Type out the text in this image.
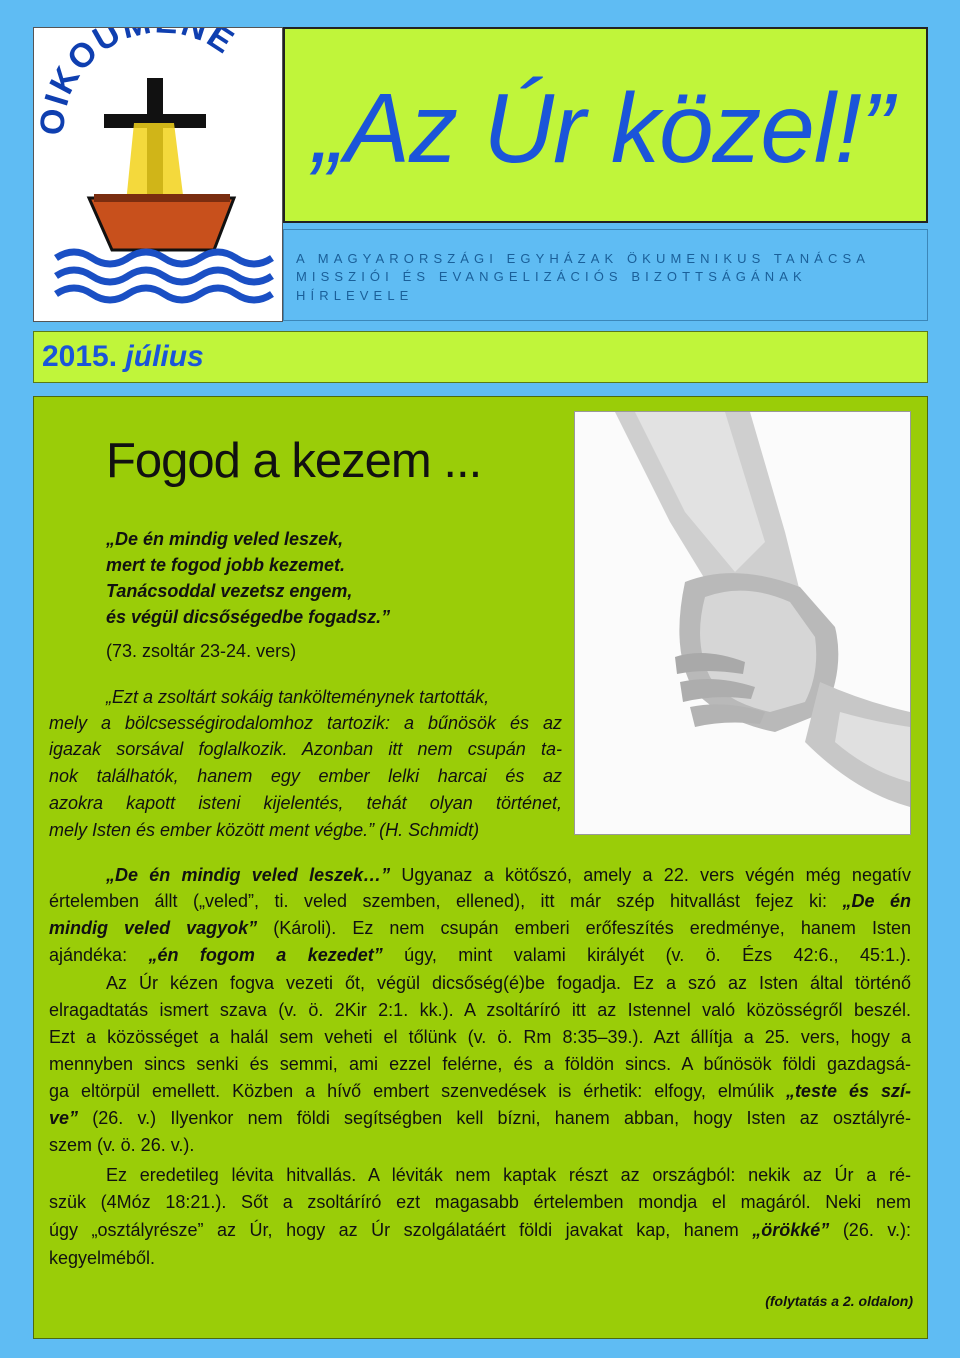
OIKOU E
„Az Úr közel!”
A MAGYARORSZÁGI EGYHÁZAK ÖKUMENIKUS TANÁCSA
MISSZIÓI ÉS EVANGELIZÁCIÓS BIZOTTSÁGÁNAK
HÍRLEVELE
2015. július
Fogod a kezem ...
„De én mindig veled leszek,
mert te fogod jobb kezemet.
Tanácsoddal vezetsz engem,
és végül dicsőségedbe fogadsz.”
(73. zsoltár 23-24. vers)
„Ezt a zsoltárt sokáig tankölteménynek tartották,
mely a bölcsességirodalomhoz tartozik: a bűnösök és az
igazak sorsával foglalkozik. Azonban itt nem csupán ta-
nok találhatók, hanem egy ember lelki harcai és az
azokra kapott isteni kijelentés, tehát olyan történet,
mely Isten és ember között ment végbe.” (H. Schmidt)
„De én mindig veled leszek…” Ugyanaz a kötőszó, amely a 22. vers végén még negatív
értelemben állt („veled”, ti. veled szemben, ellened), itt már szép hitvallást fejez ki: „De én
mindig veled vagyok” (Károli). Ez nem csupán emberi erőfeszítés eredménye, hanem Isten
ajándéka: „én fogom a kezedet” úgy, mint valami királyét (v. ö. Ézs 42:6., 45:1.).
Az Úr kézen fogva vezeti őt, végül dicsőség(é)be fogadja. Ez a szó az Isten által történő
elragadtatás ismert szava (v. ö. 2Kir 2:1. kk.). A zsoltáríró itt az Istennel való közösségről beszél.
Ezt a közösséget a halál sem veheti el tőlünk (v. ö. Rm 8:35–39.). Azt állítja a 25. vers, hogy a
mennyben sincs senki és semmi, ami ezzel felérne, és a földön sincs. A bűnösök földi gazdagsá-
ga eltörpül emellett. Közben a hívő embert szenvedések is érhetik: elfogy, elmúlik „teste és szí-
ve” (26. v.) Ilyenkor nem földi segítségben kell bízni, hanem abban, hogy Isten az osztályré-
szem (v. ö. 26. v.).
Ez eredetileg lévita hitvallás. A léviták nem kaptak részt az országból: nekik az Úr a ré-
szük (4Móz 18:21.). Sőt a zsoltáríró ezt magasabb értelemben mondja el magáról. Neki nem
úgy „osztályrésze” az Úr, hogy az Úr szolgálatáért földi javakat kap, hanem „örökké” (26. v.):
kegyelméből.
(folytatás a 2. oldalon)
